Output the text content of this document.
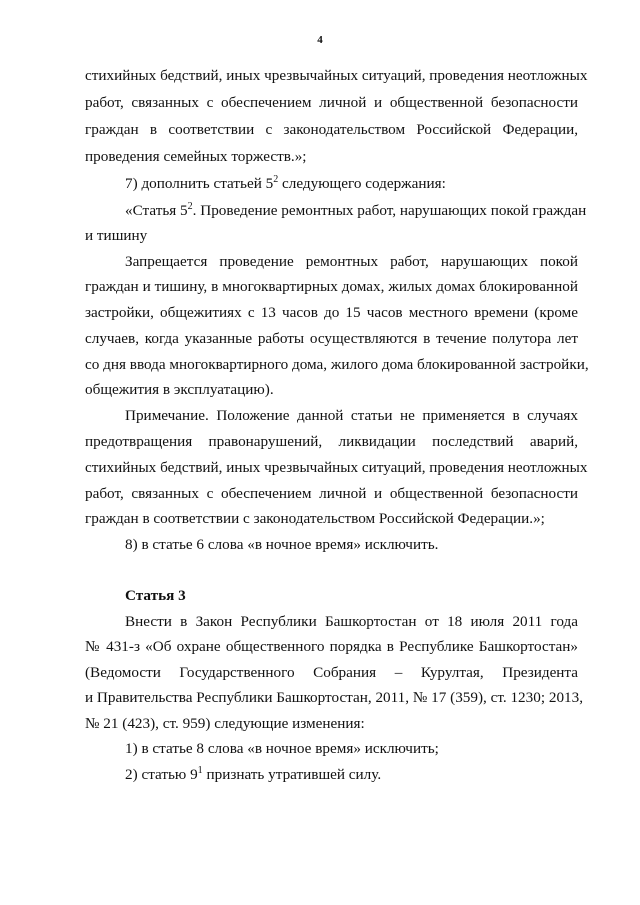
4
стихийных бедствий, иных чрезвычайных ситуаций, проведения неотложных
работ, связанных с обеспечением личной и общественной безопасности
граждан в соответствии с законодательством Российской Федерации,
проведения семейных торжеств.»;
7) дополнить статьей $5^2$ следующего содержания:
«Статья $5^2$. Проведение ремонтных работ, нарушающих покой граждан
и тишину
Запрещается проведение ремонтных работ, нарушающих покой
граждан и тишину, в многоквартирных домах, жилых домах блокированной
застройки, общежитиях с 13 часов до 15 часов местного времени (кроме
случаев, когда указанные работы осуществляются в течение полутора лет
со дня ввода многоквартирного дома, жилого дома блокированной застройки,
общежития в эксплуатацию).
Примечание. Положение данной статьи не применяется в случаях
предотвращения правонарушений, ликвидации последствий аварий,
стихийных бедствий, иных чрезвычайных ситуаций, проведения неотложных
работ, связанных с обеспечением личной и общественной безопасности
граждан в соответствии с законодательством Российской Федерации.»;
8) в статье 6 слова «в ночное время» исключить.
Статья 3
Внести в Закон Республики Башкортостан от 18 июля 2011 года
№ 431-з «Об охране общественного порядка в Республике Башкортостан»
(Ведомости Государственного Собрания – Курултая, Президента
и Правительства Республики Башкортостан, 2011, № 17 (359), ст. 1230; 2013,
№ 21 (423), ст. 959) следующие изменения:
1) в статье 8 слова «в ночное время» исключить;
2) статью $9^1$ признать утратившей силу.
